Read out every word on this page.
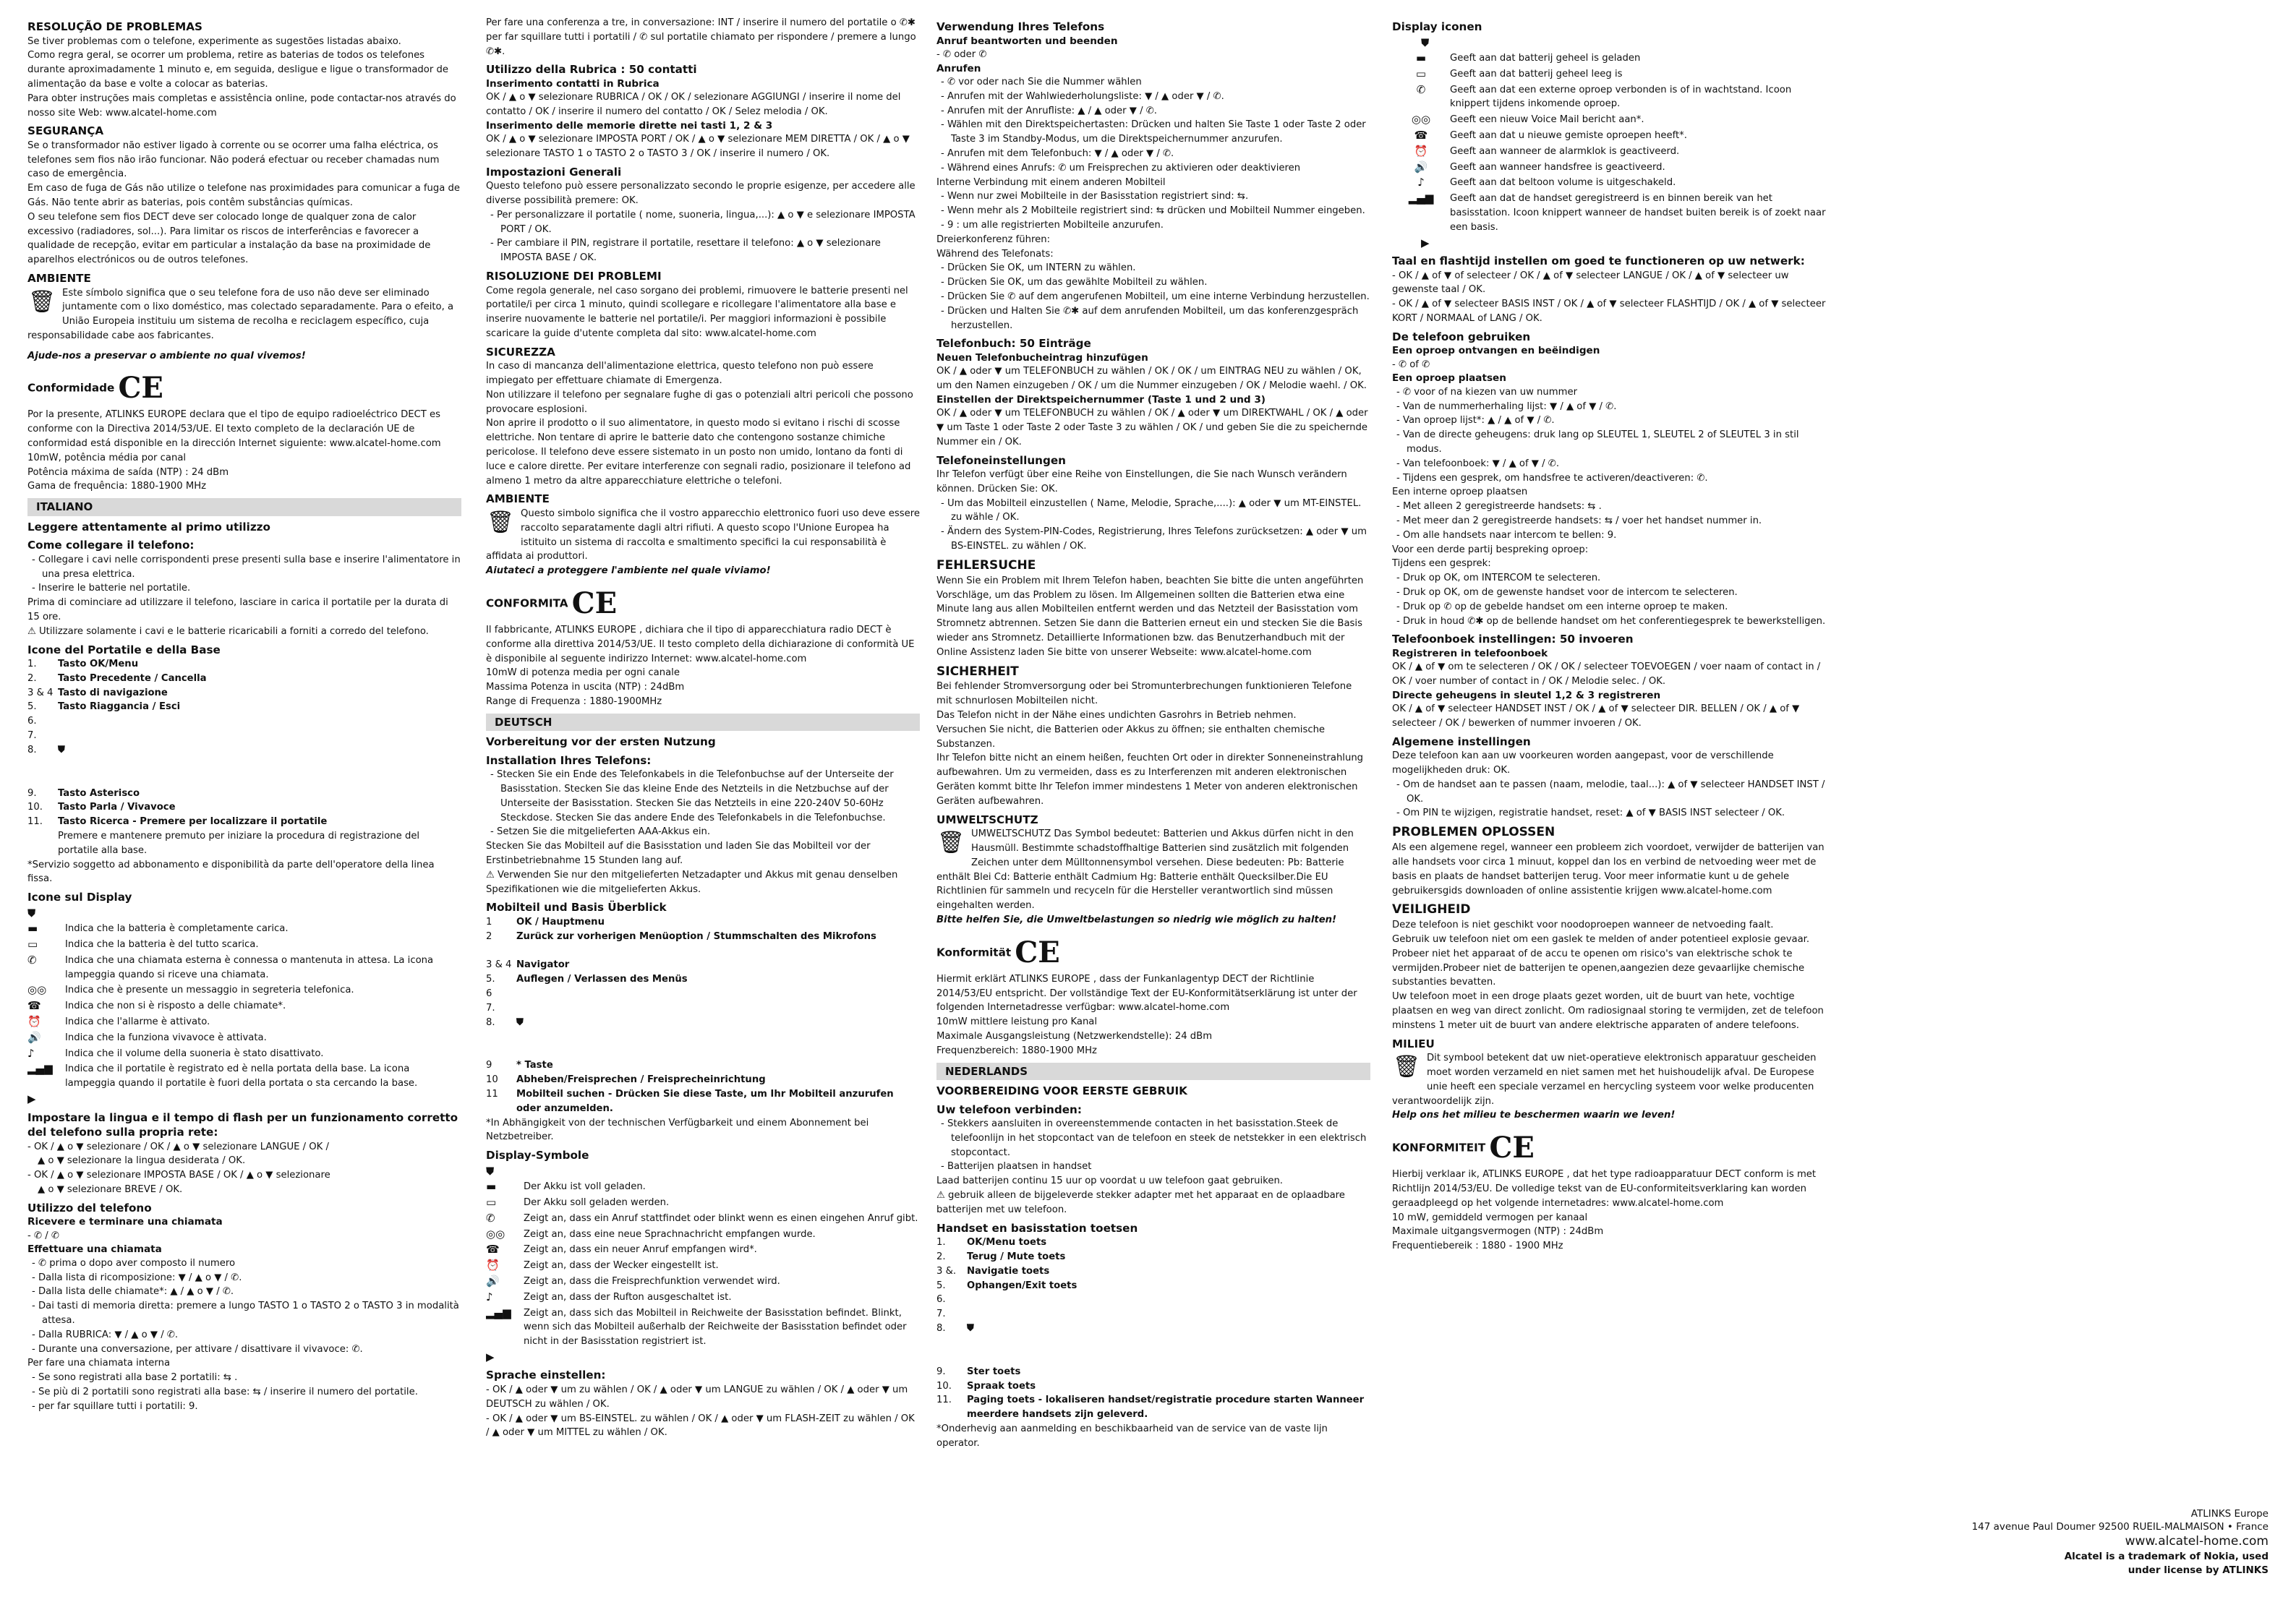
RESOLUÇÃO DE PROBLEMAS

Se tiver problemas com o telefone, experimente as sugestões listadas abaixo.

Como regra geral, se ocorrer um problema, retire as baterias de todos os telefones durante aproximadamente 1 minuto e, em seguida, desligue e ligue o transformador de alimentação da base e volte a colocar as baterias.

Para obter instruções mais completas e assistência online, pode contactar-nos através do nosso site Web: www.alcatel-home.com

SEGURANÇA

Se o transformador não estiver ligado à corrente ou se ocorrer uma falha eléctrica, os telefones sem fios não irão funcionar. Não poderá efectuar ou receber chamadas num caso de emergência.

Em caso de fuga de Gás não utilize o telefone nas proximidades para comunicar a fuga de Gás. Não tente abrir as baterias, pois contêm substâncias químicas.

O seu telefone sem fios DECT deve ser colocado longe de qualquer zona de calor excessivo (radiadores, sol...). Para limitar os riscos de interferências e favorecer a qualidade de recepção, evitar em particular a instalação da base na proximidade de aparelhos electrónicos ou de outros telefones.

AMBIENTE
🗑 Este símbolo significa que o seu telefone fora de uso não deve ser eliminado juntamente com o lixo doméstico, mas colectado separadamente. Para o efeito, a União Europeia instituiu um sistema de recolha e reciclagem específico, cuja responsabilidade cabe aos fabricantes.

Ajude-nos a preservar o ambiente no qual vivemos!

Conformidade CE

Por la presente, ATLINKS EUROPE declara que el tipo de equipo radioeléctrico DECT es conforme con la Directiva 2014/53/UE. El texto completo de la declaración UE de conformidad está disponible en la dirección Internet siguiente: www.alcatel-home.com

10mW, potência média por canal

Potência máxima de saída (NTP) : 24 dBm

Gama de frequência: 1880-1900 MHz

ITALIANO
Leggere attentamente al primo utilizzo
Come collegare il telefono:

- Collegare i cavi nelle corrispondenti prese presenti sulla base e inserire l'alimentatore in una presa elettrica.

- Inserire le batterie nel portatile.

Prima di cominciare ad utilizzare il telefono, lasciare in carica il portatile per la durata di 15 ore.

⚠ Utilizzare solamente i cavi e le batterie ricaricabili a forniti a corredo del telefono.

Icone del Portatile e della Base
1.	Tasto OK/Menu
2.	Tasto Precedente / Cancella
3 & 4 Tasto di navigazione
5.	Tasto Riaggancia / Esci
6.
7.
8.	⛊
9.	Tasto Asterisco
10.	Tasto Parla / Vivavoce
11.	Tasto Ricerca - Premere per localizzare il portatile

Premere e mantenere premuto per iniziare la procedura di registrazione del portatile alla base.

*Servizio soggetto ad abbonamento e disponibilità da parte dell'operatore della linea fissa.

Icone sul Display
⛊
▬	Indica che la batteria è completamente carica.
▭	Indica che la batteria è del tutto scarica.
✆	Indica che una chiamata esterna è connessa o mantenuta in attesa. La icona lampeggia quando si riceve una chiamata.
◎◎	Indica che è presente un messaggio in segreteria telefonica.
☎	Indica che non si è risposto a delle chiamate*.
⏰	Indica che l'allarme è attivato.
🔊	Indica che la funziona vivavoce è attivata.
♪	Indica che il volume della suoneria è stato disattivato.
▂▄▆	Indica che il portatile è registrato ed è nella portata della base. La icona lampeggia quando il portatile è fuori della portata o sta cercando la base.
▶
Impostare la lingua e il tempo di flash per un funzionamento corretto del telefono sulla propria rete:

- OK / ▲ o ▼ selezionare / OK / ▲ o ▼ selezionare LANGUE / OK /

▲ o ▼ selezionare la lingua desiderata / OK.

- OK / ▲ o ▼ selezionare IMPOSTA BASE / OK / ▲ o ▼ selezionare

▲ o ▼ selezionare BREVE / OK.

Utilizzo del telefono
Ricevere e terminare una chiamata

- ✆ / ✆

Effettuare una chiamata

- ✆ prima o dopo aver composto il numero

- Dalla lista di ricomposizione: ▼ / ▲ o ▼ / ✆.

- Dalla lista delle chiamate*: ▲ / ▲ o ▼ / ✆.

- Dai tasti di memoria diretta: premere a lungo TASTO 1 o TASTO 2 o TASTO 3 in modalità attesa.

- Dalla RUBRICA: ▼ / ▲ o ▼ / ✆.

- Durante una conversazione, per attivare / disattivare il vivavoce: ✆.

Per fare una chiamata interna

- Se sono registrati alla base 2 portatili: ⇆ .

- Se più di 2 portatili sono registrati alla base: ⇆ / inserire il numero del portatile.

- per far squillare tutti i portatili: 9.

Per fare una conferenza a tre, in conversazione: INT / inserire il numero del portatile o ✆✱ per far squillare tutti i portatili / ✆ sul portatile chiamato per rispondere / premere a lungo ✆✱.

Utilizzo della Rubrica : 50 contatti
Inserimento contatti in Rubrica

OK / ▲ o ▼ selezionare RUBRICA / OK / OK / selezionare AGGIUNGI / inserire il nome del contatto / OK / inserire il numero del contatto / OK / Selez melodia / OK.

Inserimento delle memorie dirette nei tasti 1, 2 & 3

OK / ▲ o ▼ selezionare IMPOSTA PORT / OK / ▲ o ▼ selezionare MEM DIRETTA / OK / ▲ o ▼ selezionare TASTO 1 o TASTO 2 o TASTO 3 / OK / inserire il numero / OK.

Impostazioni Generali

Questo telefono può essere personalizzato secondo le proprie esigenze, per accedere alle diverse possibilità premere: OK.

- Per personalizzare il portatile ( nome, suoneria, lingua,...): ▲ o ▼ e selezionare IMPOSTA PORT / OK.

- Per cambiare il PIN, registrare il portatile, resettare il telefono: ▲ o ▼ selezionare IMPOSTA BASE / OK.

RISOLUZIONE DEI PROBLEMI

Come regola generale, nel caso sorgano dei problemi, rimuovere le batterie presenti nel portatile/i per circa 1 minuto, quindi scollegare e ricollegare l'alimentatore alla base e inserire nuovamente le batterie nel portatile/i. Per maggiori informazioni è possibile scaricare la guide d'utente completa dal sito: www.alcatel-home.com

SICUREZZA

In caso di mancanza dell'alimentazione elettrica, questo telefono non può essere impiegato per effettuare chiamate di Emergenza.

Non utilizzare il telefono per segnalare fughe di gas o potenziali altri pericoli che possono provocare esplosioni.

Non aprire il prodotto o il suo alimentatore, in questo modo si evitano i rischi di scosse elettriche. Non tentare di aprire le batterie dato che contengono sostanze chimiche pericolose. Il telefono deve essere sistemato in un posto non umido, lontano da fonti di luce e calore dirette. Per evitare interferenze con segnali radio, posizionare il telefono ad almeno 1 metro da altre apparecchiature elettriche o telefoni.

AMBIENTE
🗑 Questo simbolo significa che il vostro apparecchio elettronico fuori uso deve essere raccolto separatamente dagli altri rifiuti. A questo scopo l'Unione Europea ha istituito un sistema di raccolta e smaltimento specifici la cui responsabilità è affidata ai produttori.

Aiutateci a proteggere l'ambiente nel quale viviamo!

CONFORMITA CE

Il fabbricante, ATLINKS EUROPE , dichiara che il tipo di apparecchiatura radio DECT è conforme alla direttiva 2014/53/UE. Il testo completo della dichiarazione di conformità UE è disponibile al seguente indirizzo Internet: www.alcatel-home.com

10mW di potenza media per ogni canale

Massima Potenza in uscita (NTP) : 24dBm

Range di Frequenza : 1880-1900MHz

DEUTSCH
Vorbereitung vor der ersten Nutzung
Installation Ihres Telefons:

- Stecken Sie ein Ende des Telefonkabels in die Telefonbuchse auf der Unterseite der Basisstation. Stecken Sie das kleine Ende des Netzteils in die Netzbuchse auf der Unterseite der Basisstation. Stecken Sie das Netzteils in eine 220-240V 50-60Hz Steckdose. Stecken Sie das andere Ende des Telefonkabels in die Telefonbuchse.

- Setzen Sie die mitgelieferten AAA-Akkus ein.

Stecken Sie das Mobilteil auf die Basisstation und laden Sie das Mobilteil vor der Erstinbetriebnahme 15 Stunden lang auf.

⚠ Verwenden Sie nur den mitgelieferten Netzadapter und Akkus mit genau denselben Spezifikationen wie die mitgelieferten Akkus.

Mobilteil und Basis Überblick
1	OK / Hauptmenu
2	Zurück zur vorherigen Menüoption / Stummschalten des Mikrofons

3 & 4 Navigator
5.	Auflegen / Verlassen des Menüs
6
7.
8.	⛊
9	* Taste
10	Abheben/Freisprechen / Freisprecheinrichtung
11	Mobilteil suchen - Drücken Sie diese Taste, um Ihr Mobilteil anzurufen oder anzumelden.

*In Abhängigkeit von der technischen Verfügbarkeit und einem Abonnement bei Netzbetreiber.

Display-Symbole
⛊
▬	Der Akku ist voll geladen.
▭	Der Akku soll geladen werden.
✆	Zeigt an, dass ein Anruf stattfindet oder blinkt wenn es einen eingehen Anruf gibt.
◎◎	Zeigt an, dass eine neue Sprachnachricht empfangen wurde.
☎	Zeigt an, dass ein neuer Anruf empfangen wird*.
⏰	Zeigt an, dass der Wecker eingestellt ist.
🔊	Zeigt an, dass die Freisprechfunktion verwendet wird.
♪	Zeigt an, dass der Rufton ausgeschaltet ist.
▂▄▆	Zeigt an, dass sich das Mobilteil in Reichweite der Basisstation befindet. Blinkt, wenn sich das Mobilteil außerhalb der Reichweite der Basisstation befindet oder nicht in der Basisstation registriert ist.
▶
Sprache einstellen:

- OK / ▲ oder ▼ um zu wählen / OK / ▲ oder ▼ um LANGUE zu wählen / OK / ▲ oder ▼ um DEUTSCH zu wählen / OK.

- OK / ▲ oder ▼ um BS-EINSTEL. zu wählen / OK / ▲ oder ▼ um FLASH-ZEIT zu wählen / OK / ▲ oder ▼ um MITTEL zu wählen / OK.

Verwendung Ihres Telefons
Anruf beantworten und beenden

- ✆ oder ✆

Anrufen

- ✆ vor oder nach Sie die Nummer wählen

- Anrufen mit der Wahlwiederholungsliste: ▼ / ▲ oder ▼ / ✆.

- Anrufen mit der Anrufliste: ▲ / ▲ oder ▼ / ✆.

- Wählen mit den Direktspeichertasten: Drücken und halten Sie Taste 1 oder Taste 2 oder Taste 3 im Standby-Modus, um die Direktspeichernummer anzurufen.

- Anrufen mit dem Telefonbuch: ▼ / ▲ oder ▼ / ✆.

- Während eines Anrufs: ✆ um Freisprechen zu aktivieren oder deaktivieren

Interne Verbindung mit einem anderen Mobilteil

- Wenn nur zwei Mobilteile in der Basisstation registriert sind: ⇆.

- Wenn mehr als 2 Mobilteile registriert sind: ⇆ drücken und Mobilteil Nummer eingeben.

- 9 : um alle registrierten Mobilteile anzurufen.

Dreierkonferenz führen:

Während des Telefonats:

- Drücken Sie OK, um INTERN zu wählen.

- Drücken Sie OK, um das gewählte Mobilteil zu wählen.

- Drücken Sie ✆ auf dem angerufenen Mobilteil, um eine interne Verbindung herzustellen.

- Drücken und Halten Sie ✆✱ auf dem anrufenden Mobilteil, um das konferenzgespräch herzustellen.

Telefonbuch: 50 Einträge
Neuen Telefonbucheintrag hinzufügen

OK / ▲ oder ▼ um TELEFONBUCH zu wählen / OK / OK / um EINTRAG NEU zu wählen / OK, um den Namen einzugeben / OK / um die Nummer einzugeben / OK / Melodie waehl. / OK.

Einstellen der Direktspeichernummer (Taste 1 und 2 und 3)

OK / ▲ oder ▼ um TELEFONBUCH zu wählen / OK / ▲ oder ▼ um DIREKTWAHL / OK / ▲ oder ▼ um Taste 1 oder Taste 2 oder Taste 3 zu wählen / OK / und geben Sie die zu speichernde Nummer ein / OK.

Telefoneinstellungen

Ihr Telefon verfügt über eine Reihe von Einstellungen, die Sie nach Wunsch verändern können. Drücken Sie: OK.

- Um das Mobilteil einzustellen ( Name, Melodie, Sprache,....): ▲ oder ▼ um MT-EINSTEL. zu wähle / OK.

- Ändern des System-PIN-Codes, Registrierung, Ihres Telefons zurücksetzen: ▲ oder ▼ um BS-EINSTEL. zu wählen / OK.

FEHLERSUCHE

Wenn Sie ein Problem mit Ihrem Telefon haben, beachten Sie bitte die unten angeführten Vorschläge, um das Problem zu lösen. Im Allgemeinen sollten die Batterien etwa eine Minute lang aus allen Mobilteilen entfernt werden und das Netzteil der Basisstation vom Stromnetz abtrennen. Setzen Sie dann die Batterien erneut ein und stecken Sie die Basis wieder ans Stromnetz. Detaillierte Informationen bzw. das Benutzerhandbuch mit der Online Assistenz laden Sie bitte von unserer Webseite: www.alcatel-home.com

SICHERHEIT

Bei fehlender Stromversorgung oder bei Stromunterbrechungen funktionieren Telefone mit schnurlosen Mobilteilen nicht.

Das Telefon nicht in der Nähe eines undichten Gasrohrs in Betrieb nehmen.

Versuchen Sie nicht, die Batterien oder Akkus zu öffnen; sie enthalten chemische Substanzen.

Ihr Telefon bitte nicht an einem heißen, feuchten Ort oder in direkter Sonneneinstrahlung aufbewahren. Um zu vermeiden, dass es zu Interferenzen mit anderen elektronischen Geräten kommt bitte Ihr Telefon immer mindestens 1 Meter von anderen elektronischen Geräten aufbewahren.

UMWELTSCHUTZ
🗑 UMWELTSCHUTZ Das Symbol bedeutet: Batterien und Akkus dürfen nicht in den Hausmüll. Bestimmte schadstoffhaltige Batterien sind zusätzlich mit folgenden Zeichen unter dem Mülltonnensymbol versehen. Diese bedeuten: Pb: Batterie enthält Blei Cd: Batterie enthält Cadmium Hg: Batterie enthält Quecksilber.Die EU Richtlinien für sammeln und recyceln für die Hersteller verantwortlich sind müssen eingehalten werden.

Bitte helfen Sie, die Umweltbelastungen so niedrig wie möglich zu halten!

Konformität CE

Hiermit erklärt ATLINKS EUROPE , dass der Funkanlagentyp DECT der Richtlinie 2014/53/EU entspricht. Der vollständige Text der EU-Konformitätserklärung ist unter der folgenden Internetadresse verfügbar: www.alcatel-home.com

10mW mittlere leistung pro Kanal

Maximale Ausgangsleistung (Netzwerkendstelle): 24 dBm

Frequenzbereich: 1880-1900 MHz

NEDERLANDS
VOORBEREIDING VOOR EERSTE GEBRUIK
Uw telefoon verbinden:

- Stekkers aansluiten in overeenstemmende contacten in het basisstation.Steek de telefoonlijn in het stopcontact van de telefoon en steek de netstekker in een elektrisch stopcontact.

- Batterijen plaatsen in handset

Laad batterijen continu 15 uur op voordat u uw telefoon gaat gebruiken.

⚠ gebruik alleen de bijgeleverde stekker adapter met het apparaat en de oplaadbare batterijen met uw telefoon.

Handset en basisstation toetsen
1.	OK/Menu toets
2.	Terug / Mute toets
3 &.	Navigatie toets
5.	Ophangen/Exit toets
6.
7.
8.	⛊
9.	Ster toets
10.	Spraak toets
11.	Paging toets - lokaliseren handset/registratie procedure starten Wanneer meerdere handsets zijn geleverd.

*Onderhevig aan aanmelding en beschikbaarheid van de service van de vaste lijn operator.

Display iconen
⛊
▬	Geeft aan dat batterij geheel is geladen
▭	Geeft aan dat batterij geheel leeg is
✆	Geeft aan dat een externe oproep verbonden is of in wachtstand. Icoon knippert tijdens inkomende oproep.
◎◎	Geeft een nieuw Voice Mail bericht aan*.
☎	Geeft aan dat u nieuwe gemiste oproepen heeft*.
⏰	Geeft aan wanneer de alarmklok is geactiveerd.
🔊	Geeft aan wanneer handsfree is geactiveerd.
♪	Geeft aan dat beltoon volume is uitgeschakeld.
▂▄▆	Geeft aan dat de handset geregistreerd is en binnen bereik van het basisstation. Icoon knippert wanneer de handset buiten bereik is of zoekt naar een basis.
▶
Taal en flashtijd instellen om goed te functioneren op uw netwerk:

- OK / ▲ of ▼ of selecteer / OK / ▲ of ▼ selecteer LANGUE / OK / ▲ of ▼ selecteer uw gewenste taal / OK.

- OK / ▲ of ▼ selecteer BASIS INST / OK / ▲ of ▼ selecteer FLASHTIJD / OK / ▲ of ▼ selecteer KORT / NORMAAL of LANG / OK.

De telefoon gebruiken
Een oproep ontvangen en beëindigen

- ✆ of ✆

Een oproep plaatsen

- ✆ voor of na kiezen van uw nummer

- Van de nummerherhaling lijst: ▼ / ▲ of ▼ / ✆.

- Van oproep lijst*: ▲ / ▲ of ▼ / ✆.

- Van de directe geheugens: druk lang op SLEUTEL 1, SLEUTEL 2 of SLEUTEL 3 in stil modus.

- Van telefoonboek: ▼ / ▲ of ▼ / ✆.

- Tijdens een gesprek, om handsfree te activeren/deactiveren: ✆.

Een interne oproep plaatsen

- Met alleen 2 geregistreerde handsets: ⇆ .

- Met meer dan 2 geregistreerde handsets: ⇆ / voer het handset nummer in.

- Om alle handsets naar intercom te bellen: 9.

Voor een derde partij bespreking oproep:

Tijdens een gesprek:

- Druk op OK, om INTERCOM te selecteren.

- Druk op OK, om de gewenste handset voor de intercom te selecteren.

- Druk op ✆ op de gebelde handset om een interne oproep te maken.

- Druk in houd ✆✱ op de bellende handset om het conferentiegesprek te bewerkstelligen.

Telefoonboek instellingen: 50 invoeren
Registreren in telefoonboek

OK / ▲ of ▼ om te selecteren / OK / OK / selecteer TOEVOEGEN / voer naam of contact in / OK / voer number of contact in / OK / Melodie selec. / OK.

Directe geheugens in sleutel 1,2 & 3 registreren

OK / ▲ of ▼ selecteer HANDSET INST / OK / ▲ of ▼ selecteer DIR. BELLEN / OK / ▲ of ▼ selecteer / OK / bewerken of nummer invoeren / OK.

Algemene instellingen

Deze telefoon kan aan uw voorkeuren worden aangepast, voor de verschillende mogelijkheden druk: OK.

- Om de handset aan te passen (naam, melodie, taal...): ▲ of ▼ selecteer HANDSET INST / OK.

- Om PIN te wijzigen, registratie handset, reset: ▲ of ▼ BASIS INST selecteer / OK.

PROBLEMEN OPLOSSEN

Als een algemene regel, wanneer een probleem zich voordoet, verwijder de batterijen van alle handsets voor circa 1 minuut, koppel dan los en verbind de netvoeding weer met de basis en plaats de handset batterijen terug. Voor meer informatie kunt u de gehele gebruikersgids downloaden of online assistentie krijgen www.alcatel-home.com

VEILIGHEID

Deze telefoon is niet geschikt voor noodoproepen wanneer de netvoeding faalt.

Gebruik uw telefoon niet om een gaslek te melden of ander potentieel explosie gevaar. Probeer niet het apparaat of de accu te openen om risico's van elektrische schok te vermijden.Probeer niet de batterijen te openen,aangezien deze gevaarlijke chemische substanties bevatten.

Uw telefoon moet in een droge plaats gezet worden, uit de buurt van hete, vochtige plaatsen en weg van direct zonlicht. Om radiosignaal storing te vermijden, zet de telefoon minstens 1 meter uit de buurt van andere elektrische apparaten of andere telefoons.

MILIEU
🗑 Dit symbool betekent dat uw niet-operatieve elektronisch apparatuur gescheiden moet worden verzameld en niet samen met het huishoudelijk afval. De Europese unie heeft een speciale verzamel en hercycling systeem voor welke producenten verantwoordelijk zijn.

Help ons het milieu te beschermen waarin we leven!

KONFORMITEIT CE

Hierbij verklaar ik, ATLINKS EUROPE , dat het type radioapparatuur DECT conform is met Richtlijn 2014/53/EU. De volledige tekst van de EU-conformiteitsverklaring kan worden geraadpleegd op het volgende internetadres: www.alcatel-home.com

10 mW, gemiddeld vermogen per kanaal

Maximale uitgangsvermogen (NTP) : 24dBm

Frequentiebereik : 1880 - 1900 MHz

ATLINKS Europe
147 avenue Paul Doumer 92500 RUEIL-MALMAISON • France
www.alcatel-home.com
Alcatel is a trademark of Nokia, used
under license by ATLINKS
